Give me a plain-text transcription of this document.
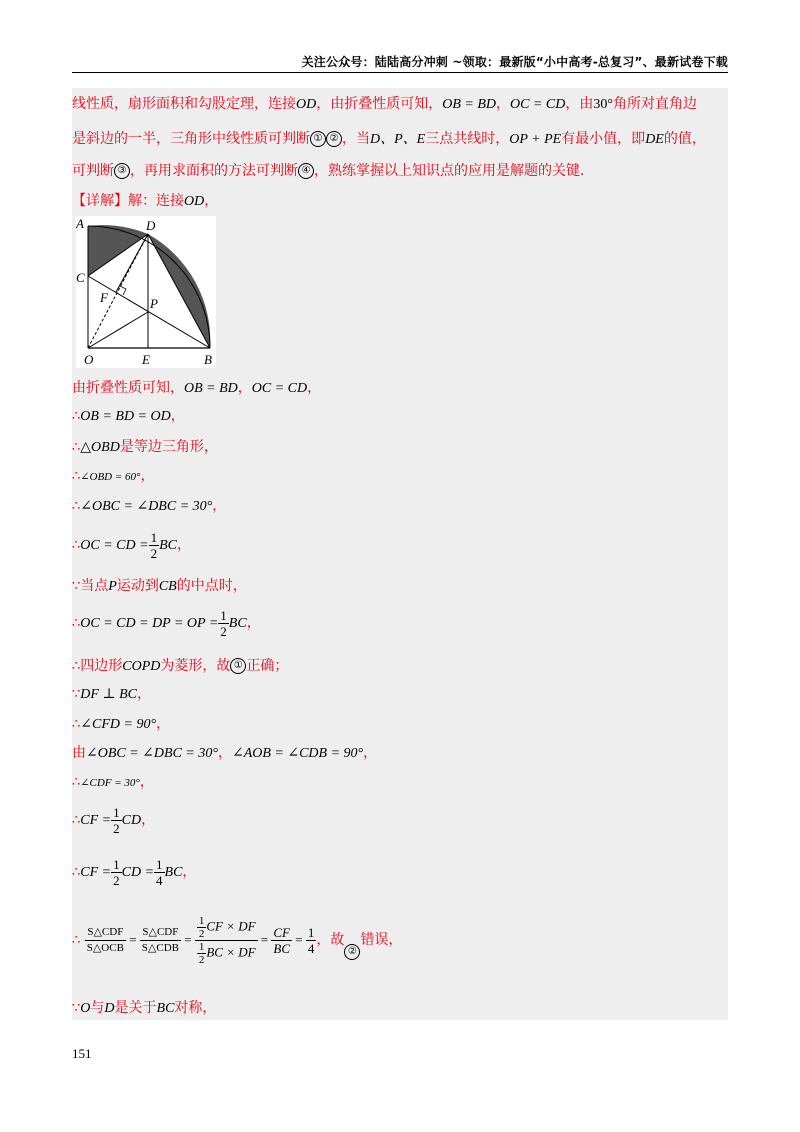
关注公众号：陆陆高分冲刺 ~领取：最新版“小中高考-总复习”、最新试卷下载
线性质，扇形面积和勾股定理，连接OD，由折叠性质可知，OB = BD，OC = CD，由30°角所对直角边
是斜边的一半，三角形中线性质可判断 ① ② ，当D、P、E三点共线时，OP + PE有最小值，即DE的值，
可判断 ③ ，再用求面积的方法可判断 ④ ，熟练掌握以上知识点的应用是解题的关键．
【详解】解：连接OD，
A	D
C
F	P
O	E	B
由折叠性质可知，OB = BD，OC = CD，
∴OB = BD = OD，
∴△OBD是等边三角形，
∴∠OBD = 60°，
∴∠OBC = ∠DBC = 30°，
∴OC = CD = $\frac{1}{2}$ BC，
∵当点P运动到CB的中点时，
∴OC = CD = DP = OP = $\frac{1}{2}$ BC，
∴四边形COPD为菱形，故 ① 正确；
∵DF ⊥ BC，
∴∠CFD = 90°，
由∠OBC = ∠DBC = 30°，∠AOB = ∠CDB = 90°，
∴∠CDF = 30°，
∴CF = $\frac{1}{2}$ CD，
∴CF = $\frac{1}{2}$ CD = $\frac{1}{4}$ BC，
∴ $\frac{\text{S△CDF}}{\text{S△OCB}} = \frac{\text{S△CDF}}{\text{S△CDB}} = \frac{\frac{1}{2} CF \times DF}{\frac{1}{2} BC \times DF} = \frac{CF}{BC} = \frac{1}{4}$ ，故②错误，
∵O与D是关于BC对称，
151
